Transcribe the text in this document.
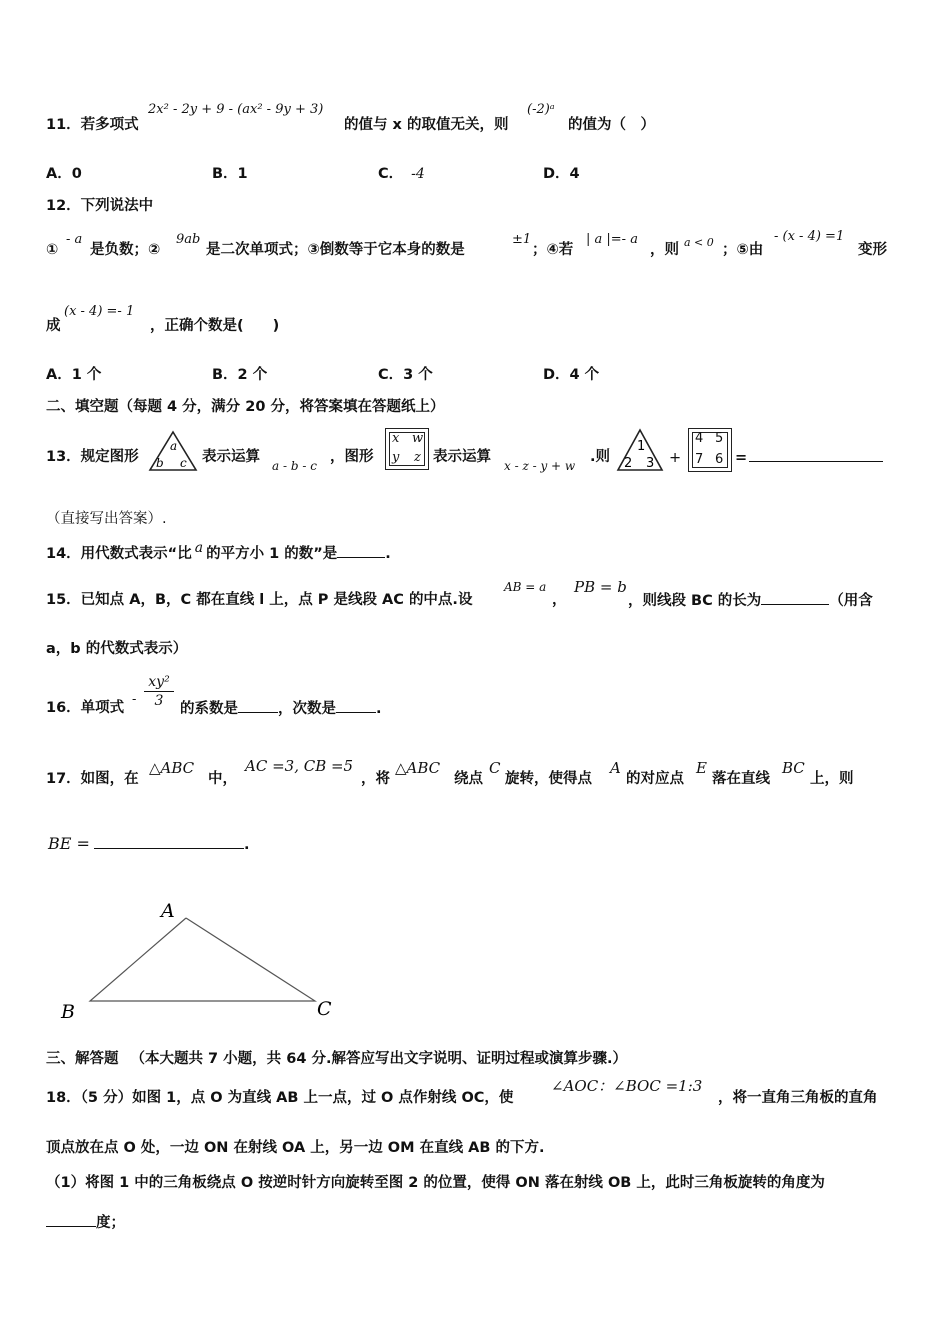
11．若多项式
2x² - 2y + 9 - (ax² - 9y + 3)
的值与 x 的取值无关，则
(-2)ᵃ
的值为（　）
A．0	B．1	C． -4	D．4
12．下列说法中
①
- a
是负数；②
9ab
是二次单项式；③倒数等于它本身的数是
±1
；④若
| a |=- a
，则 a < 0 ；⑤由
- (x - 4) =1
变形
成
(x - 4) =- 1
，正确个数是(　　)
A．1 个	B．2 个	C．3 个	D．4 个
二、填空题（每题 4 分，满分 20 分，将答案填在答题纸上）
13．规定图形
a
b c 表示运算
a - b - c
，图形
x w
y z 表示运算
x - z - y + w
.则
1
2 3 +
4 5
7 6 =
（直接写出答案）.
14．用代数式表示“比 a 的平方小 1 的数”是	.
15．已知点 A，B，C 都在直线 l 上，点 P 是线段 AC 的中点.设
AB = a
，
PB = b
，则线段 BC 的长为	（用含
a，b 的代数式表示）
16．单项式
-
xy²
3	的系数是	，次数是	.
17．如图，在
△ABC
中，
AC =3, CB =5
，将
△ABC
绕点
C
旋转，使得点
A
的对应点
E
落在直线
BC
上，则
BE =	.
A
B	C
三、解答题 （本大题共 7 小题，共 64 分.解答应写出文字说明、证明过程或演算步骤.）
18．（5 分）如图 1，点 O 为直线 AB 上一点，过 O 点作射线 OC，使
∠AOC：∠BOC =1:3
，将一直角三角板的直角
顶点放在点 O 处，一边 ON 在射线 OA 上，另一边 OM 在直线 AB 的下方.
（1）将图 1 中的三角板绕点 O 按逆时针方向旋转至图 2 的位置，使得 ON 落在射线 OB 上，此时三角板旋转的角度为
度；
